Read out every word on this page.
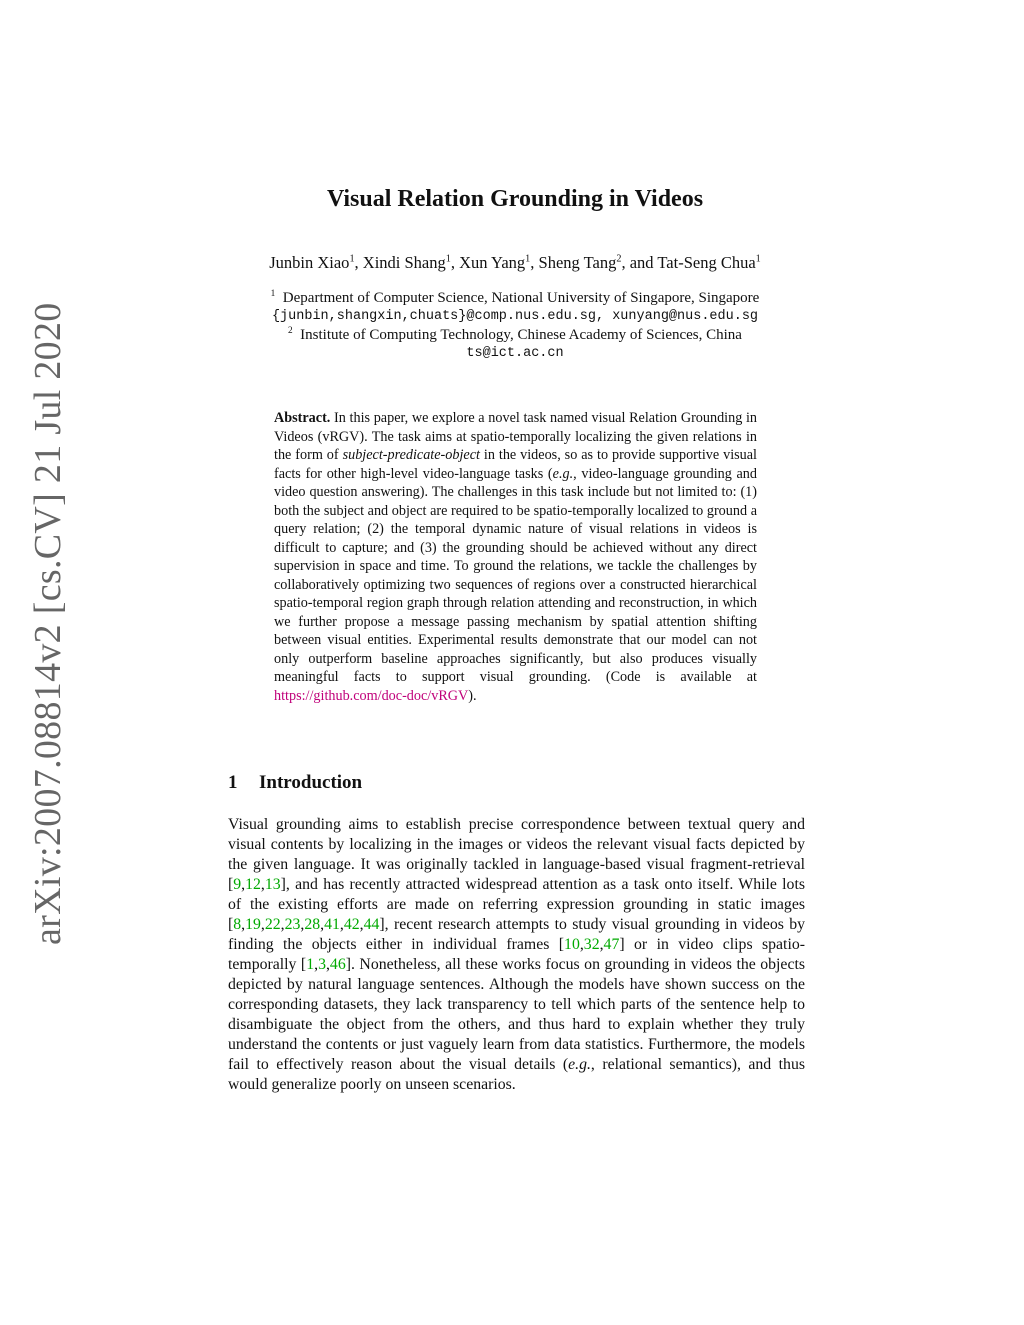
arXiv:2007.08814v2 [cs.CV] 21 Jul 2020
Visual Relation Grounding in Videos
Junbin Xiao$^1$, Xindi Shang$^1$, Xun Yang$^1$, Sheng Tang$^2$, and Tat-Seng Chua$^1$
$^1$ Department of Computer Science, National University of Singapore, Singapore
{junbin,shangxin,chuats}@comp.nus.edu.sg, xunyang@nus.edu.sg
$^2$ Institute of Computing Technology, Chinese Academy of Sciences, China
ts@ict.ac.cn
Abstract. In this paper, we explore a novel task named visual Relation Grounding in Videos (vRGV). The task aims at spatio-temporally localizing the given relations in the form of subject-predicate-object in the videos, so as to provide supportive visual facts for other high-level video-language tasks (e.g., video-language grounding and video question answering). The challenges in this task include but not limited to: (1) both the subject and object are required to be spatio-temporally localized to ground a query relation; (2) the temporal dynamic nature of visual relations in videos is difficult to capture; and (3) the grounding should be achieved without any direct supervision in space and time. To ground the relations, we tackle the challenges by collaboratively optimizing two sequences of regions over a constructed hierarchical spatio-temporal region graph through relation attending and reconstruction, in which we further propose a message passing mechanism by spatial attention shifting between visual entities. Experimental results demonstrate that our model can not only outperform baseline approaches significantly, but also produces visually meaningful facts to support visual grounding. (Code is available at https://github.com/doc-doc/vRGV).
1 Introduction
Visual grounding aims to establish precise correspondence between textual query and visual contents by localizing in the images or videos the relevant visual facts depicted by the given language. It was originally tackled in language-based visual fragment-retrieval [9,12,13], and has recently attracted widespread attention as a task onto itself. While lots of the existing efforts are made on referring expression grounding in static images [8,19,22,23,28,41,42,44], recent research attempts to study visual grounding in videos by finding the objects either in individual frames [10,32,47] or in video clips spatio-temporally [1,3,46]. Nonetheless, all these works focus on grounding in videos the objects depicted by natural language sentences. Although the models have shown success on the corresponding datasets, they lack transparency to tell which parts of the sentence help to disambiguate the object from the others, and thus hard to explain whether they truly understand the contents or just vaguely learn from data statistics. Furthermore, the models fail to effectively reason about the visual details (e.g., relational semantics), and thus would generalize poorly on unseen scenarios.
